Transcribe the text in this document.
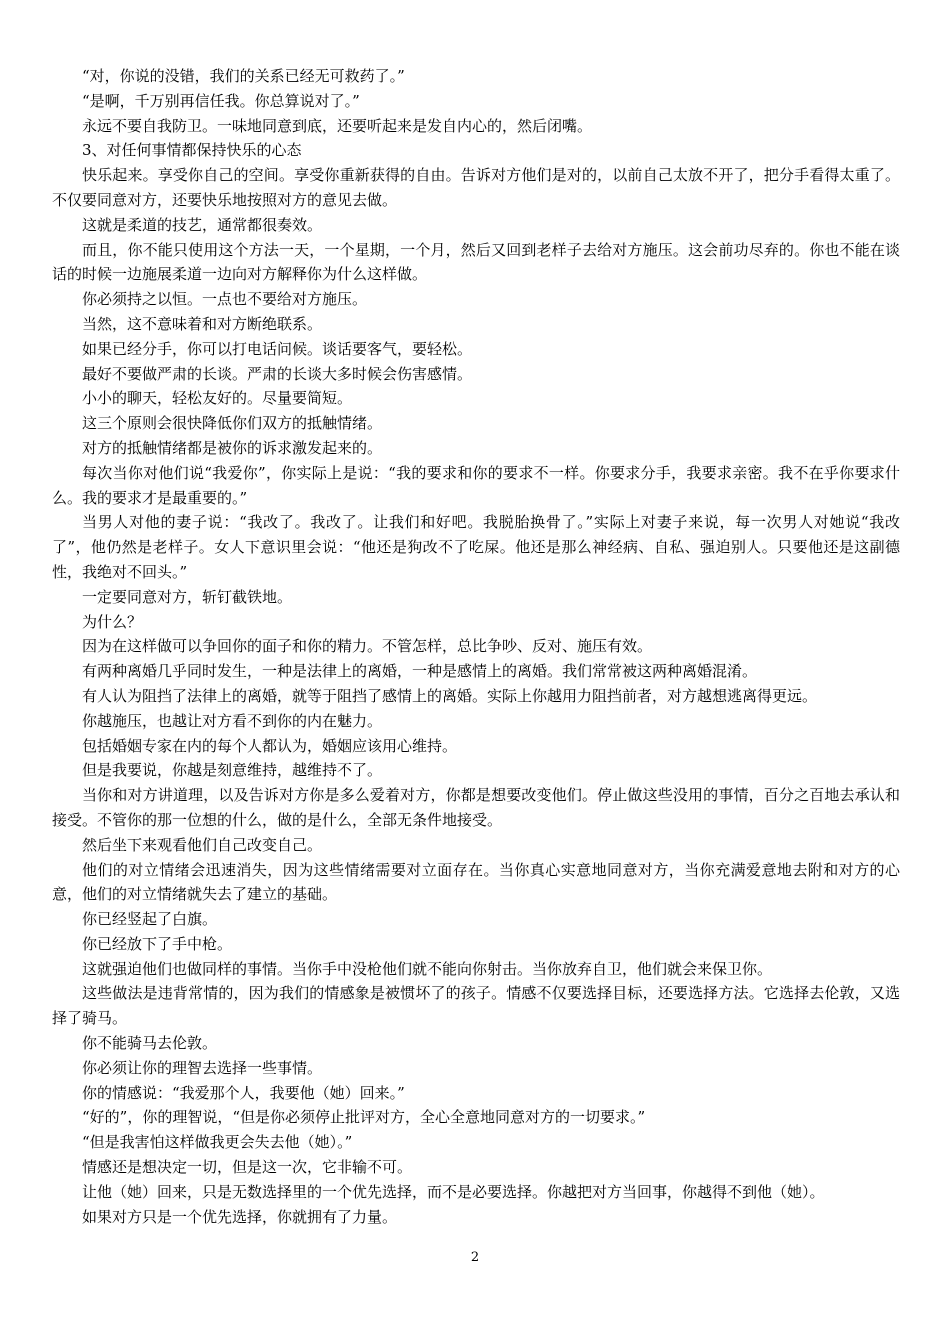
“对，你说的没错，我们的关系已经无可救药了。”

“是啊，千万别再信任我。你总算说对了。”

永远不要自我防卫。一味地同意到底，还要听起来是发自内心的，然后闭嘴。

3、对任何事情都保持快乐的心态

快乐起来。享受你自己的空间。享受你重新获得的自由。告诉对方他们是对的，以前自己太放不开了，把分手看得太重了。不仅要同意对方，还要快乐地按照对方的意见去做。

这就是柔道的技艺，通常都很奏效。

而且，你不能只使用这个方法一天，一个星期，一个月，然后又回到老样子去给对方施压。这会前功尽弃的。你也不能在谈话的时候一边施展柔道一边向对方解释你为什么这样做。

你必须持之以恒。一点也不要给对方施压。

当然，这不意味着和对方断绝联系。

如果已经分手，你可以打电话问候。谈话要客气，要轻松。

最好不要做严肃的长谈。严肃的长谈大多时候会伤害感情。

小小的聊天，轻松友好的。尽量要简短。

这三个原则会很快降低你们双方的抵触情绪。

对方的抵触情绪都是被你的诉求激发起来的。

每次当你对他们说“我爱你”，你实际上是说：“我的要求和你的要求不一样。你要求分手，我要求亲密。我不在乎你要求什么。我的要求才是最重要的。”

当男人对他的妻子说：“我改了。我改了。让我们和好吧。我脱胎换骨了。”实际上对妻子来说，每一次男人对她说“我改了”，他仍然是老样子。女人下意识里会说：“他还是狗改不了吃屎。他还是那么神经病、自私、强迫别人。只要他还是这副德性，我绝对不回头。”

一定要同意对方，斩钉截铁地。

为什么？

因为在这样做可以争回你的面子和你的精力。不管怎样，总比争吵、反对、施压有效。

有两种离婚几乎同时发生，一种是法律上的离婚，一种是感情上的离婚。我们常常被这两种离婚混淆。

有人认为阻挡了法律上的离婚，就等于阻挡了感情上的离婚。实际上你越用力阻挡前者，对方越想逃离得更远。

你越施压，也越让对方看不到你的内在魅力。

包括婚姻专家在内的每个人都认为，婚姻应该用心维持。

但是我要说，你越是刻意维持，越维持不了。

当你和对方讲道理，以及告诉对方你是多么爱着对方，你都是想要改变他们。停止做这些没用的事情，百分之百地去承认和接受。不管你的那一位想的什么，做的是什么，全部无条件地接受。

然后坐下来观看他们自己改变自己。

他们的对立情绪会迅速消失，因为这些情绪需要对立面存在。当你真心实意地同意对方，当你充满爱意地去附和对方的心意，他们的对立情绪就失去了建立的基础。

你已经竖起了白旗。

你已经放下了手中枪。

这就强迫他们也做同样的事情。当你手中没枪他们就不能向你射击。当你放弃自卫，他们就会来保卫你。

这些做法是违背常情的，因为我们的情感象是被惯坏了的孩子。情感不仅要选择目标，还要选择方法。它选择去伦敦，又选择了骑马。

你不能骑马去伦敦。

你必须让你的理智去选择一些事情。

你的情感说：“我爱那个人，我要他（她）回来。”

“好的”，你的理智说，“但是你必须停止批评对方，全心全意地同意对方的一切要求。”

“但是我害怕这样做我更会失去他（她）。”

情感还是想决定一切，但是这一次，它非输不可。

让他（她）回来，只是无数选择里的一个优先选择，而不是必要选择。你越把对方当回事，你越得不到他（她）。

如果对方只是一个优先选择，你就拥有了力量。

2
